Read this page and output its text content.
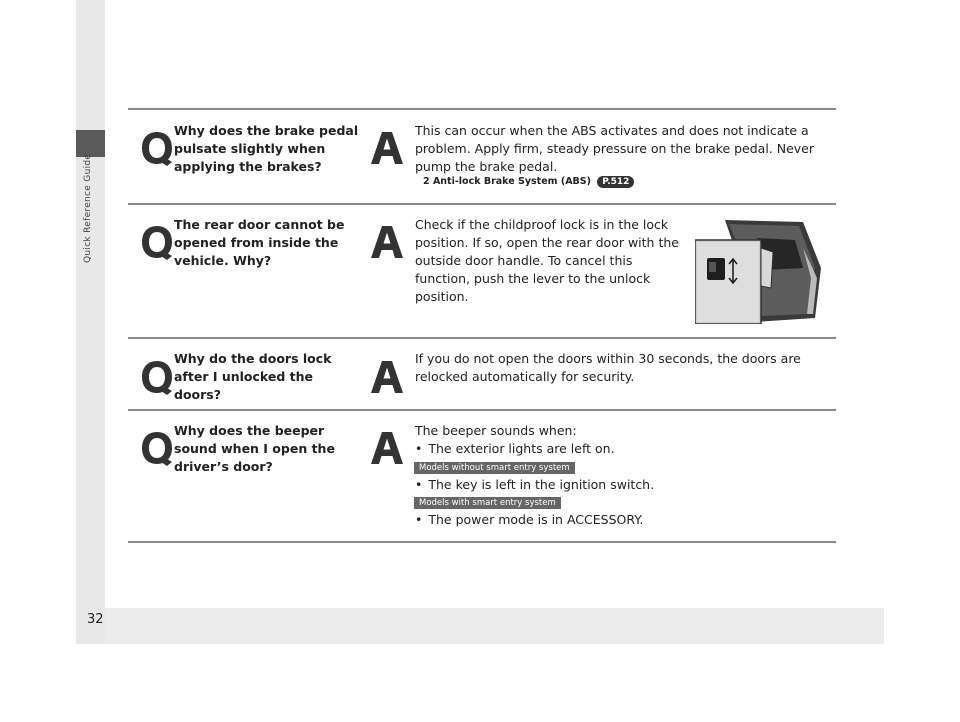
Quick Reference Guide
32
Why does the brake pedal pulsate slightly when applying the brakes?
This can occur when the ABS activates and does not indicate a problem. Apply firm, steady pressure on the brake pedal. Never pump the brake pedal.
2 Anti-lock Brake System (ABS) P.512
The rear door cannot be opened from inside the vehicle. Why?
Check if the childproof lock is in the lock position. If so, open the rear door with the outside door handle. To cancel this function, push the lever to the unlock position.
Why do the doors lock after I unlocked the doors?
If you do not open the doors within 30 seconds, the doors are relocked automatically for security.
Why does the beeper sound when I open the driver’s door?
The beeper sounds when:
• The exterior lights are left on.
Models without smart entry system
• The key is left in the ignition switch.
Models with smart entry system
• The power mode is in ACCESSORY.
